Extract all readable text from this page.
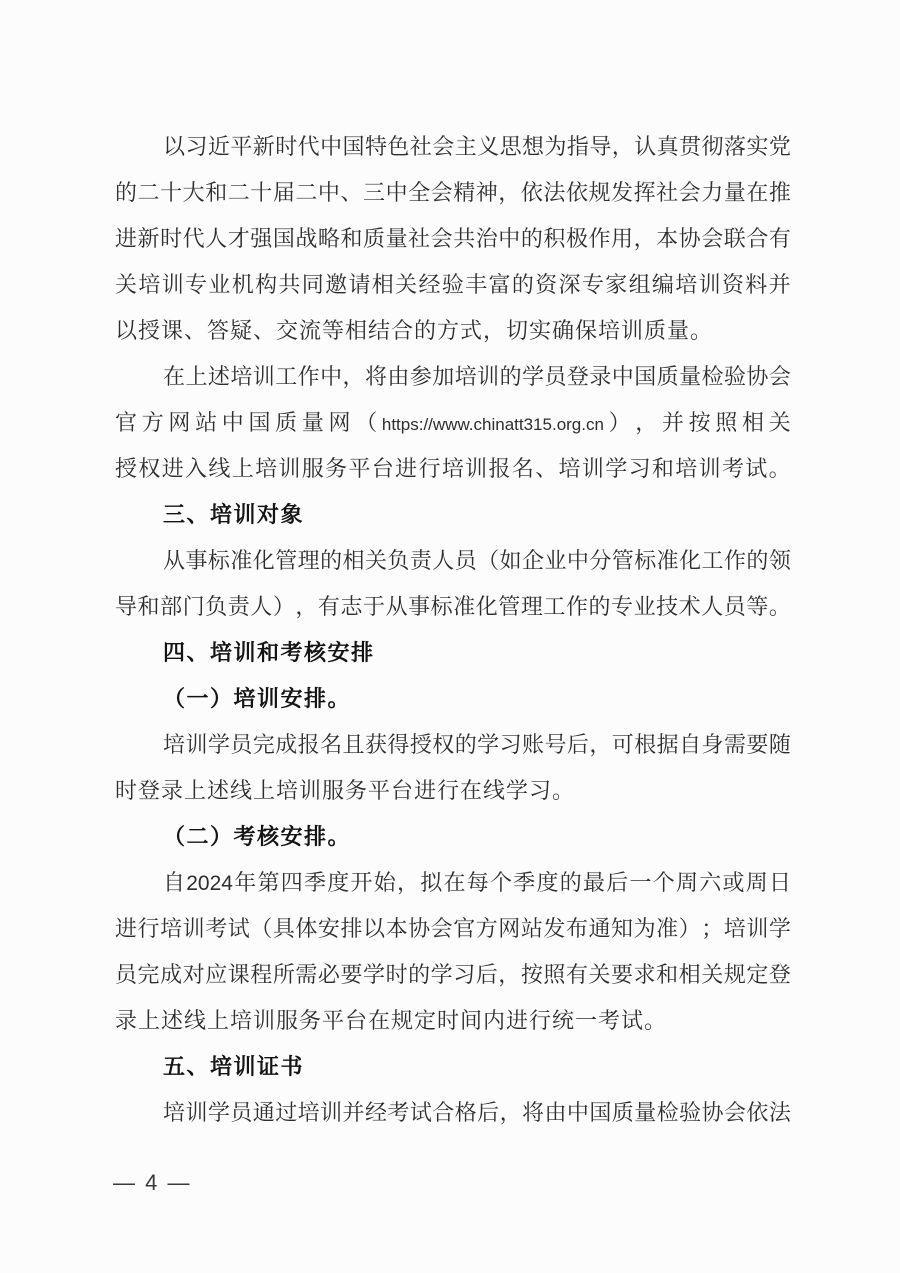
以 习 近 平 新 时 代 中 国 特 色 社 会 主 义 思 想 为 指 导 ， 认 真 贯 彻 落 实 党
的 二 十 大 和 二 十 届 二 中 、 三 中 全 会 精 神 ， 依 法 依 规 发 挥 社 会 力 量 在 推
进 新 时 代 人 才 强 国 战 略 和 质 量 社 会 共 治 中 的 积 极 作 用 ， 本 协 会 联 合 有
关 培 训 专 业 机 构 共 同 邀 请 相 关 经 验 丰 富 的 资 深 专 家 组 编 培 训 资 料 并
以授课、答疑、交流等相结合的方式，切实确保培训质量。
在 上 述 培 训 工 作 中 ， 将 由 参 加 培 训 的 学 员 登 录 中 国 质 量 检 验 协 会
官 方 网 站 中 国 质 量 网 （ https://www.chinatt315.org.cn ） ， 并 按 照 相 关
授 权 进 入 线 上 培 训 服 务 平 台 进 行 培 训 报 名 、 培 训 学 习 和 培 训 考 试 。
三、培训对象
从 事 标 准 化 管 理 的 相 关 负 责 人 员 （ 如 企 业 中 分 管 标 准 化 工 作 的 领
导 和 部 门 负 责 人 ） ， 有 志 于 从 事 标 准 化 管 理 工 作 的 专 业 技 术 人 员 等 。
四、培训和考核安排
（一）培训安排。
培 训 学 员 完 成 报 名 且 获 得 授 权 的 学 习 账 号 后 ， 可 根 据 自 身 需 要 随
时登录上述线上培训服务平台进行在线学习。
（二）考核安排。
自 2024 年 第 四 季 度 开 始 ， 拟 在 每 个 季 度 的 最 后 一 个 周 六 或 周 日
进 行 培 训 考 试 （ 具 体 安 排 以 本 协 会 官 方 网 站 发 布 通 知 为 准 ） ； 培 训 学
员 完 成 对 应 课 程 所 需 必 要 学 时 的 学 习 后 ， 按 照 有 关 要 求 和 相 关 规 定 登
录上述线上培训服务平台在规定时间内进行统一考试。
五、培训证书
培 训 学 员 通 过 培 训 并 经 考 试 合 格 后 ， 将 由 中 国 质 量 检 验 协 会 依 法
— 4 —
